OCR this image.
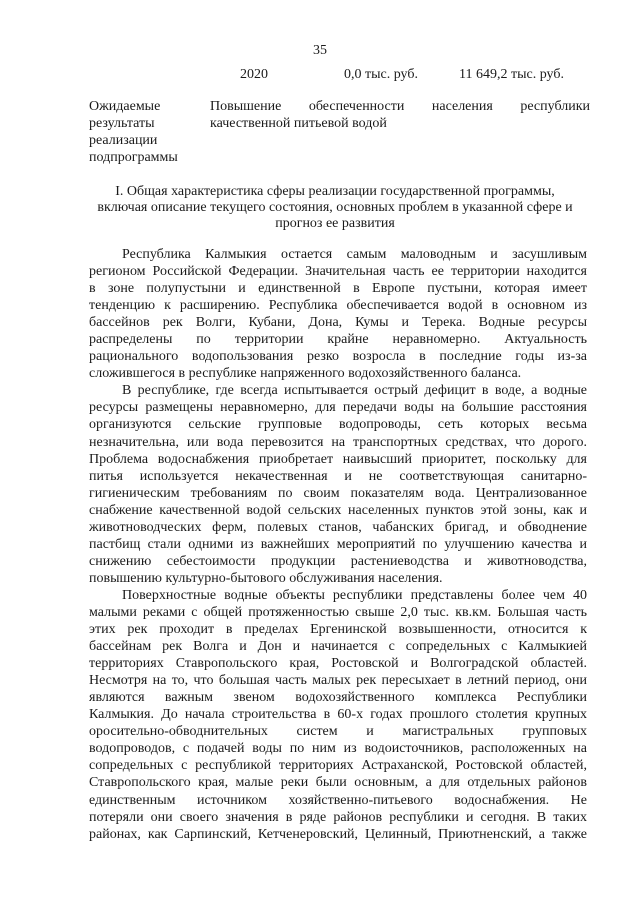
35
2020	0,0 тыс. руб.	11 649,2 тыс. руб.
Ожидаемые
результаты
реализации
подпрограммы
Повышение обеспеченности населения республики
качественной питьевой водой
I. Общая характеристика сферы реализации государственной программы,
включая описание текущего состояния, основных проблем в указанной сфере и
прогноз ее развития
Республика Калмыкия остается самым маловодным и засушливым
регионом Российской Федерации. Значительная часть ее территории находится
в зоне полупустыни и единственной в Европе пустыни, которая имеет
тенденцию к расширению. Республика обеспечивается водой в основном из
бассейнов рек Волги, Кубани, Дона, Кумы и Терека. Водные ресурсы
распределены по территории крайне неравномерно. Актуальность
рационального водопользования резко возросла в последние годы из-за
сложившегося в республике напряженного водохозяйственного баланса.
В республике, где всегда испытывается острый дефицит в воде, а водные
ресурсы размещены неравномерно, для передачи воды на большие расстояния
организуются сельские групповые водопроводы, сеть которых весьма
незначительна, или вода перевозится на транспортных средствах, что дорого.
Проблема водоснабжения приобретает наивысший приоритет, поскольку для
питья используется некачественная и не соответствующая санитарно-
гигиеническим требованиям по своим показателям вода. Централизованное
снабжение качественной водой сельских населенных пунктов этой зоны, как и
животноводческих ферм, полевых станов, чабанских бригад, и обводнение
пастбищ стали одними из важнейших мероприятий по улучшению качества и
снижению себестоимости продукции растениеводства и животноводства,
повышению культурно-бытового обслуживания населения.
Поверхностные водные объекты республики представлены более чем 40
малыми реками с общей протяженностью свыше 2,0 тыс. кв.км. Большая часть
этих рек проходит в пределах Ергенинской возвышенности, относится к
бассейнам рек Волга и Дон и начинается с сопредельных с Калмыкией
территориях Ставропольского края, Ростовской и Волгоградской областей.
Несмотря на то, что большая часть малых рек пересыхает в летний период, они
являются важным звеном водохозяйственного комплекса Республики
Калмыкия. До начала строительства в 60-х годах прошлого столетия крупных
оросительно-обводнительных систем и магистральных групповых
водопроводов, с подачей воды по ним из водоисточников, расположенных на
сопредельных с республикой территориях Астраханской, Ростовской областей,
Ставропольского края, малые реки были основным, а для отдельных районов
единственным источником хозяйственно-питьевого водоснабжения. Не
потеряли они своего значения в ряде районов республики и сегодня. В таких
районах, как Сарпинский, Кетченеровский, Целинный, Приютненский, а также
